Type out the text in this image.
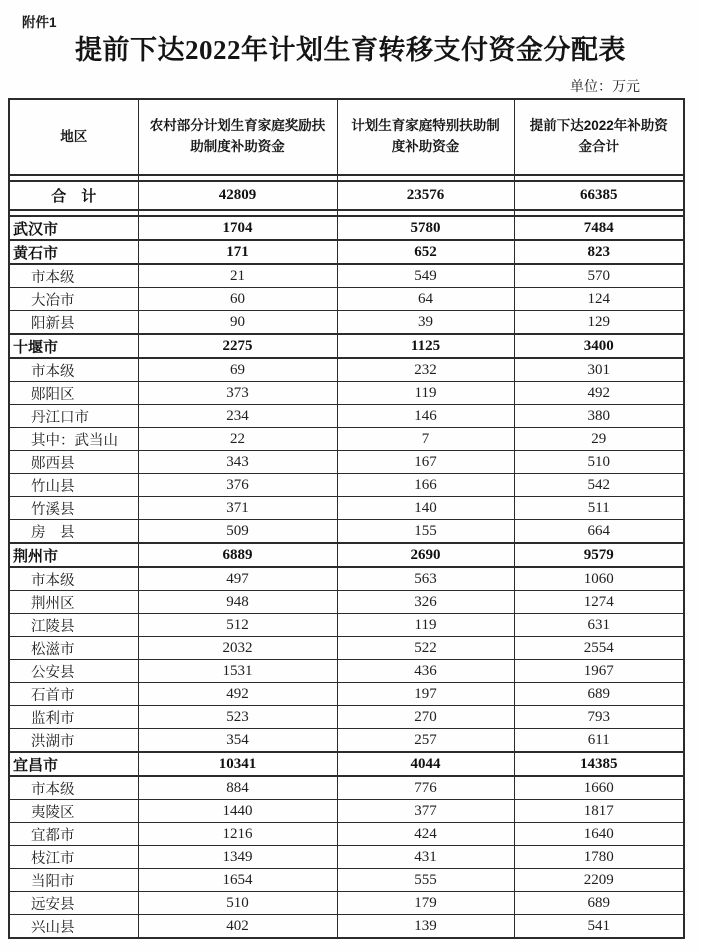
附件1
提前下达2022年计划生育转移支付资金分配表
单位：万元
地区	农村部分计划生育家庭奖励扶助制度补助资金	计划生育家庭特别扶助制度补助资金	提前下达2022年补助资金合计

合　计	42809	23576	66385

武汉市	1704	5780	7484
黄石市	171	652	823
市本级	21	549	570
大冶市	60	64	124
阳新县	90	39	129
十堰市	2275	1125	3400
市本级	69	232	301
郧阳区	373	119	492
丹江口市	234	146	380
其中：武当山	22	7	29
郧西县	343	167	510
竹山县	376	166	542
竹溪县	371	140	511
房　县	509	155	664
荆州市	6889	2690	9579
市本级	497	563	1060
荆州区	948	326	1274
江陵县	512	119	631
松滋市	2032	522	2554
公安县	1531	436	1967
石首市	492	197	689
监利市	523	270	793
洪湖市	354	257	611
宜昌市	10341	4044	14385
市本级	884	776	1660
夷陵区	1440	377	1817
宜都市	1216	424	1640
枝江市	1349	431	1780
当阳市	1654	555	2209
远安县	510	179	689
兴山县	402	139	541
